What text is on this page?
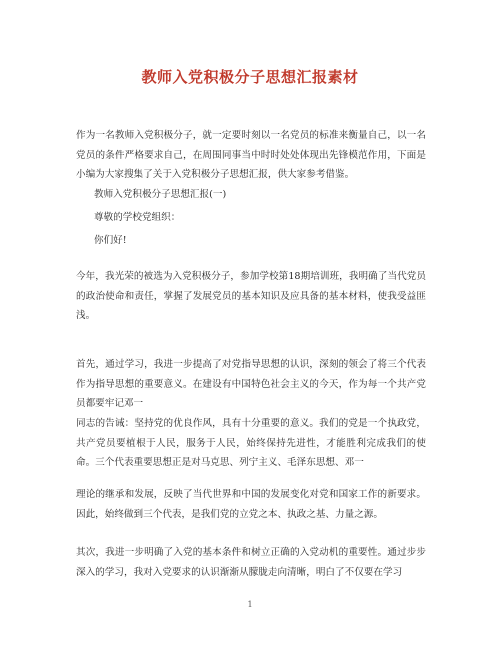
教师入党积极分子思想汇报素材

作为一名教师入党积极分子，就一定要时刻以一名党员的标准来衡量自己，以一名党员的条件严格要求自己，在周围同事当中时时处处体现出先锋模范作用，下面是小编为大家搜集了关于入党积极分子思想汇报，供大家参考借鉴。

教师入党积极分子思想汇报(一)

尊敬的学校党组织：

你们好!

今年，我光荣的被选为入党积极分子，参加学校第18期培训班，我明确了当代党员的政治使命和责任，掌握了发展党员的基本知识及应具备的基本材料，使我受益匪浅。

首先，通过学习，我进一步提高了对党指导思想的认识，深刻的领会了将三个代表作为指导思想的重要意义。在建设有中国特色社会主义的今天，作为每一个共产党员都要牢记邓一

同志的告诫：坚持党的优良作风，具有十分重要的意义。我们的党是一个执政党，共产党员要植根于人民，服务于人民，始终保持先进性，才能胜利完成我们的使命。三个代表重要思想正是对马克思、列宁主义、毛泽东思想、邓一

理论的继承和发展，反映了当代世界和中国的发展变化对党和国家工作的新要求。因此，始终做到三个代表，是我们党的立党之本、执政之基、力量之源。

其次，我进一步明确了入党的基本条件和树立正确的入党动机的重要性。通过步步深入的学习，我对入党要求的认识渐渐从朦胧走向清晰，明白了不仅要在学习

1
